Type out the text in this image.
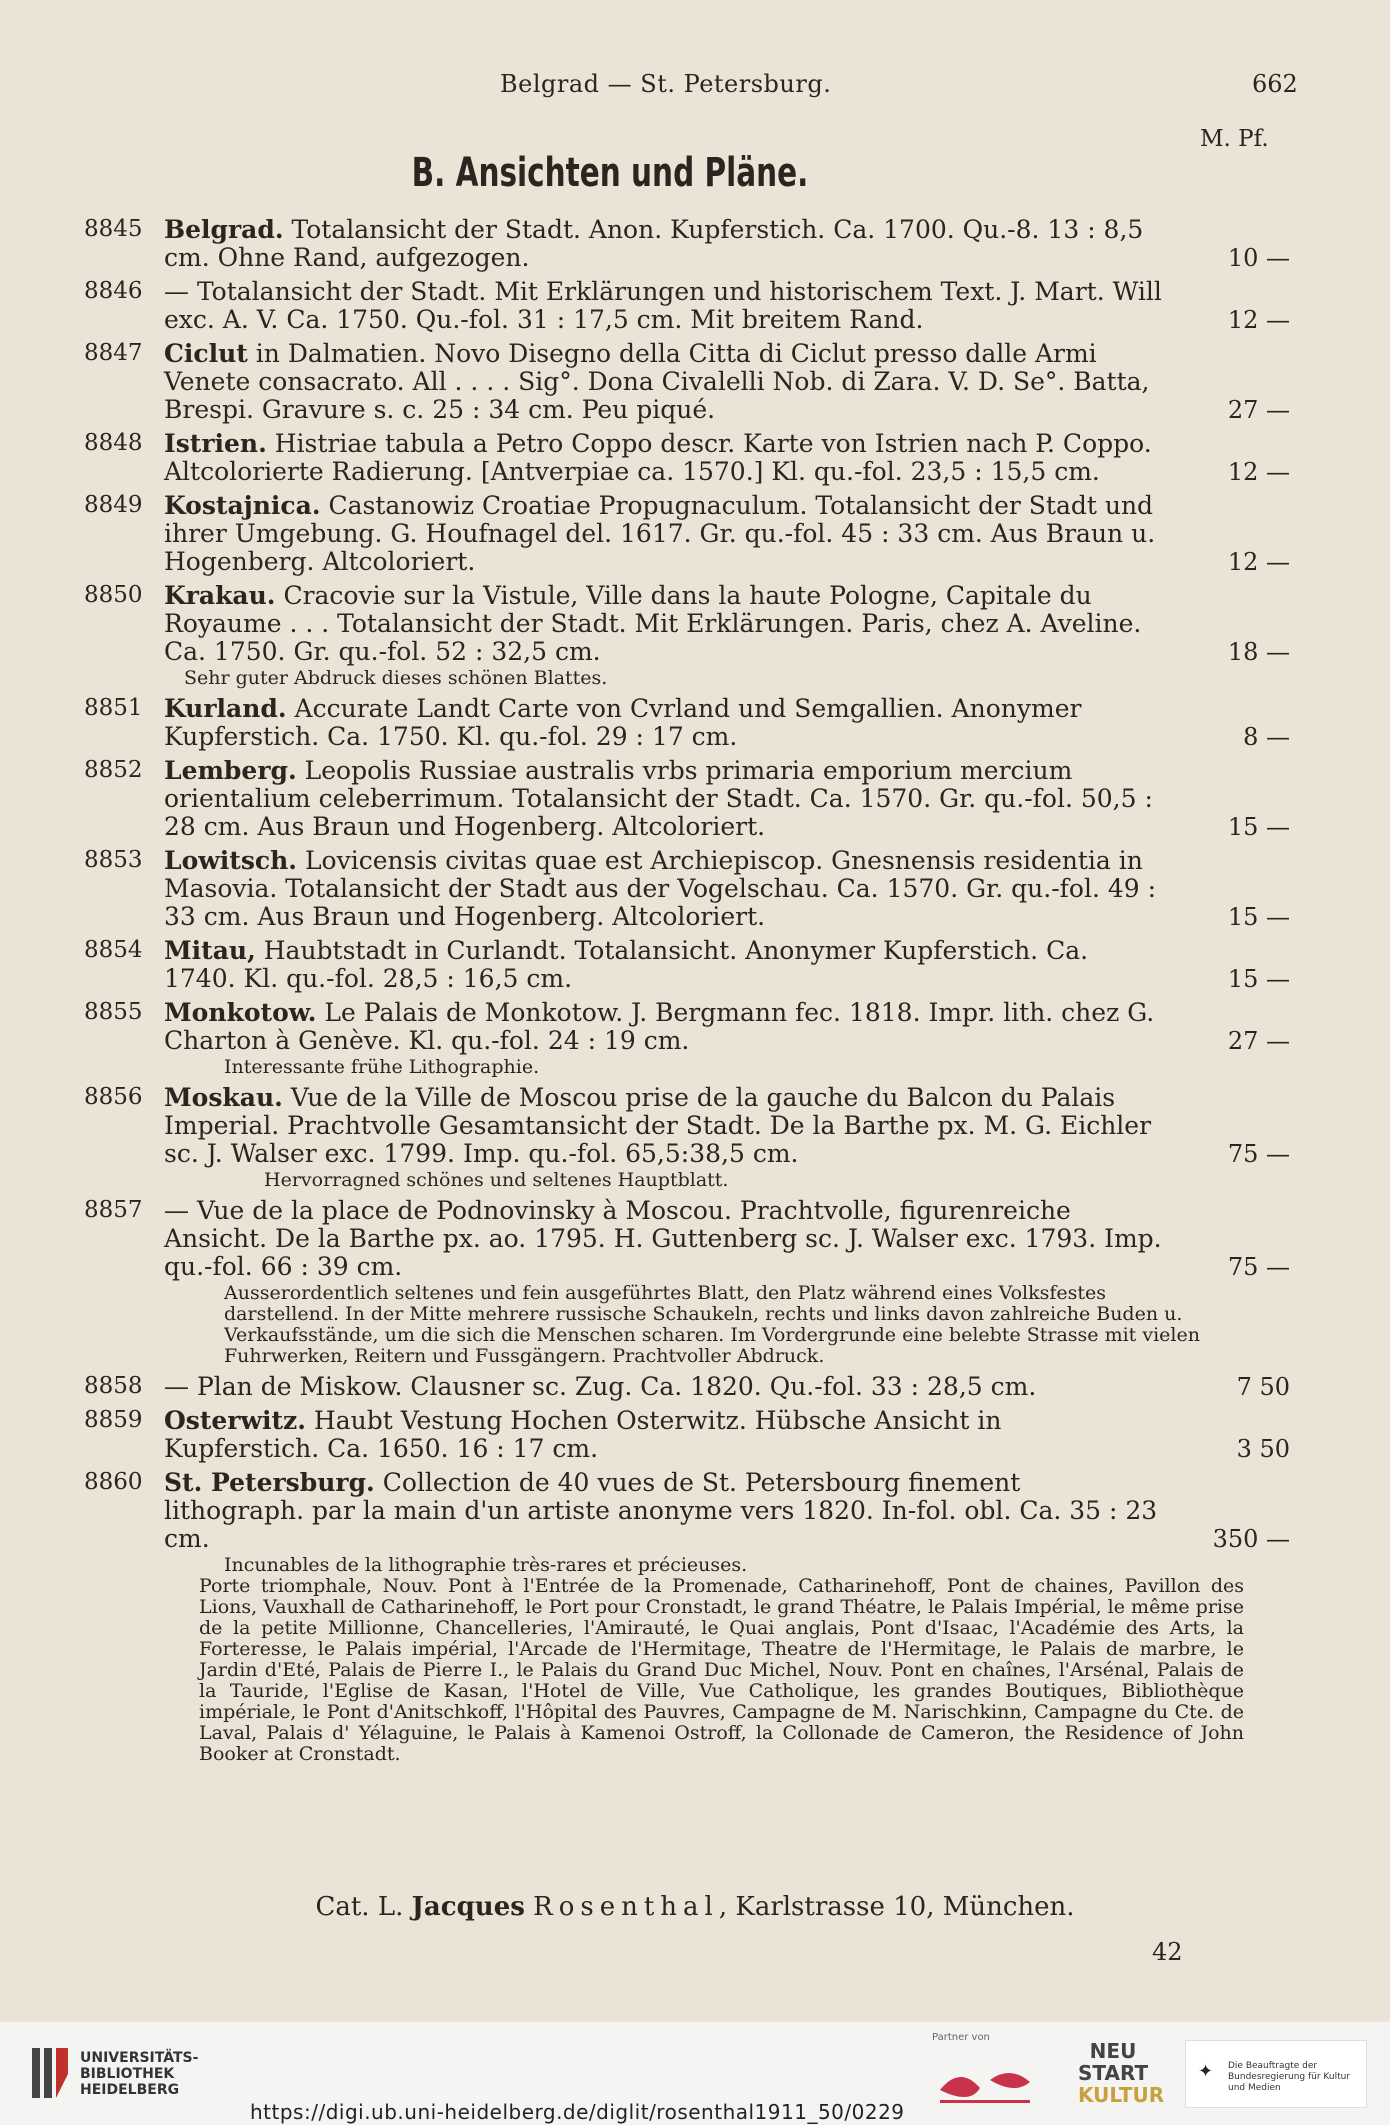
Belgrad — St. Petersburg.	662
M. Pf.
B. Ansichten und Pläne.
8845 Belgrad. Totalansicht der Stadt. Anon. Kupferstich. Ca. 1700. Qu.-8. 13 : 8,5 cm. Ohne Rand, aufgezogen.	10 —
8846 — Totalansicht der Stadt. Mit Erklärungen und historischem Text. J. Mart. Will exc. A. V. Ca. 1750. Qu.-fol. 31 : 17,5 cm. Mit breitem Rand.	12 —
8847 Ciclut in Dalmatien. Novo Disegno della Citta di Ciclut presso dalle Armi Venete consacrato. All . . . . Sig°. Dona Civalelli Nob. di Zara. V. D. Se°. Batta, Brespi. Gravure s. c. 25 : 34 cm. Peu piqué.	27 —
8848 Istrien. Histriae tabula a Petro Coppo descr. Karte von Istrien nach P. Coppo. Altcolorierte Radierung. [Antverpiae ca. 1570.] Kl. qu.-fol. 23,5 : 15,5 cm.	12 —
8849 Kostajnica. Castanowiz Croatiae Propugnaculum. Totalansicht der Stadt und ihrer Umgebung. G. Houfnagel del. 1617. Gr. qu.-fol. 45 : 33 cm. Aus Braun u. Hogenberg. Altcoloriert.	12 —
8850 Krakau. Cracovie sur la Vistule, Ville dans la haute Pologne, Capitale du Royaume . . . Totalansicht der Stadt. Mit Erklärungen. Paris, chez A. Aveline. Ca. 1750. Gr. qu.-fol. 52 : 32,5 cm.	18 —
Sehr guter Abdruck dieses schönen Blattes.
8851 Kurland. Accurate Landt Carte von Cvrland und Semgallien. Anonymer Kupferstich. Ca. 1750. Kl. qu.-fol. 29 : 17 cm.	8 —
8852 Lemberg. Leopolis Russiae australis vrbs primaria emporium mercium orientalium celeberrimum. Totalansicht der Stadt. Ca. 1570. Gr. qu.-fol. 50,5 : 28 cm. Aus Braun und Hogenberg. Altcoloriert.	15 —
8853 Lowitsch. Lovicensis civitas quae est Archiepiscop. Gnesnensis residentia in Masovia. Totalansicht der Stadt aus der Vogelschau. Ca. 1570. Gr. qu.-fol. 49 : 33 cm. Aus Braun und Hogenberg. Altcoloriert.	15 —
8854 Mitau, Haubtstadt in Curlandt. Totalansicht. Anonymer Kupferstich. Ca. 1740. Kl. qu.-fol. 28,5 : 16,5 cm.	15 —
8855 Monkotow. Le Palais de Monkotow. J. Bergmann fec. 1818. Impr. lith. chez G. Charton à Genève. Kl. qu.-fol. 24 : 19 cm.	27 —
Interessante frühe Lithographie.
8856 Moskau. Vue de la Ville de Moscou prise de la gauche du Balcon du Palais Imperial. Prachtvolle Gesamtansicht der Stadt. De la Barthe px. M. G. Eichler sc. J. Walser exc. 1799. Imp. qu.-fol. 65,5:38,5 cm.	75 —
Hervorragned schönes und seltenes Hauptblatt.
8857 — Vue de la place de Podnovinsky à Moscou. Prachtvolle, figurenreiche Ansicht. De la Barthe px. ao. 1795. H. Guttenberg sc. J. Walser exc. 1793. Imp. qu.-fol. 66 : 39 cm.	75 —
Ausserordentlich seltenes und fein ausgeführtes Blatt, den Platz während eines Volksfestes darstellend. In der Mitte mehrere russische Schaukeln, rechts und links davon zahlreiche Buden u. Verkaufsstände, um die sich die Menschen scharen. Im Vordergrunde eine belebte Strasse mit vielen Fuhrwerken, Reitern und Fussgängern. Prachtvoller Abdruck.
8858 — Plan de Miskow. Clausner sc. Zug. Ca. 1820. Qu.-fol. 33 : 28,5 cm.	7 50
8859 Osterwitz. Haubt Vestung Hochen Osterwitz. Hübsche Ansicht in Kupferstich. Ca. 1650. 16 : 17 cm.	3 50
8860 St. Petersburg. Collection de 40 vues de St. Petersbourg finement lithograph. par la main d'un artiste anonyme vers 1820. In-fol. obl. Ca. 35 : 23 cm.	350 —
Incunables de la lithographie très-rares et précieuses.
Porte triomphale, Nouv. Pont à l'Entrée de la Promenade, Catharinehoff, Pont de chaines, Pavillon des Lions, Vauxhall de Catharinehoff, le Port pour Cronstadt, le grand Théatre, le Palais Impérial, le même prise de la petite Millionne, Chancelleries, l'Amirauté, le Quai anglais, Pont d'Isaac, l'Académie des Arts, la Forteresse, le Palais impérial, l'Arcade de l'Hermitage, Theatre de l'Hermitage, le Palais de marbre, le Jardin d'Eté, Palais de Pierre I., le Palais du Grand Duc Michel, Nouv. Pont en chaînes, l'Arsénal, Palais de la Tauride, l'Eglise de Kasan, l'Hotel de Ville, Vue Catholique, les grandes Boutiques, Bibliothèque impériale, le Pont d'Anitschkoff, l'Hôpital des Pauvres, Campagne de M. Narischkinn, Campagne du Cte. de Laval, Palais d' Yélaguine, le Palais à Kamenoi Ostroff, la Collonade de Cameron, the Residence of John Booker at Cronstadt.
Cat. L. Jacques Rosenthal, Karlstrasse 10, München.
42
UNIVERSITÄTS-
BIBLIOTHEK
HEIDELBERG
Partner von
NEU
START
KULTUR
✦ Die Beauftragte der Bundesregierung für Kultur und Medien
https://digi.ub.uni-heidelberg.de/diglit/rosenthal1911_50/0229
